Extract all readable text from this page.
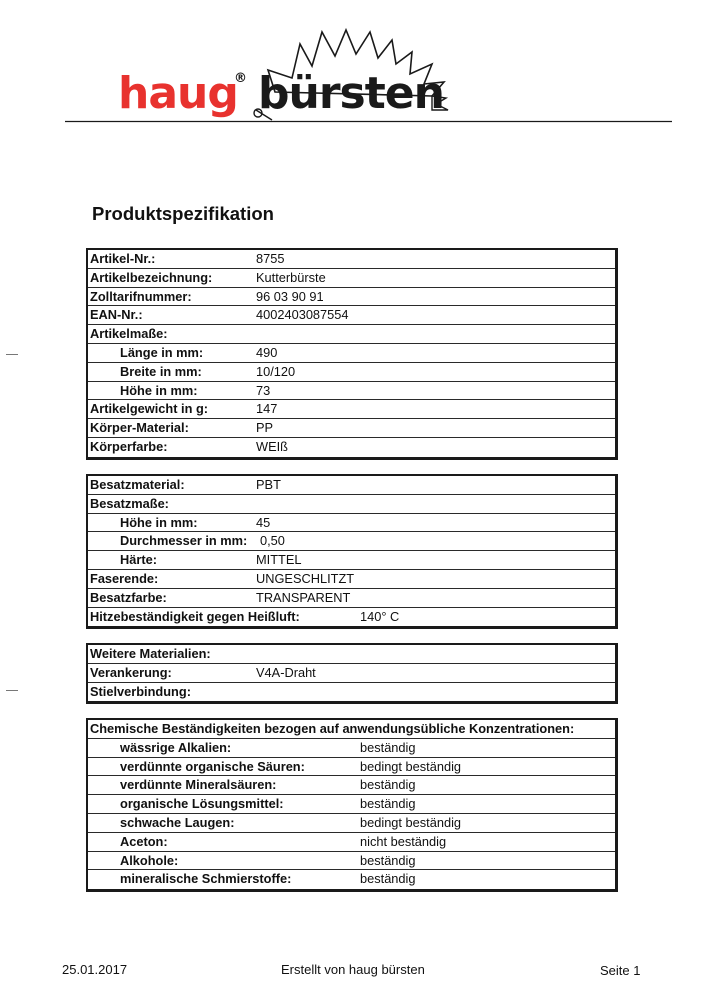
haug
® bürsten
Produktspezifikation
Artikel-Nr.:	8755
Artikelbezeichnung:	Kutterbürste
Zolltarifnummer:	96 03 90 91
EAN-Nr.:	4002403087554
Artikelmaße:
Länge in mm:	490
Breite in mm:	10/120
Höhe in mm:	73
Artikelgewicht in g:	147
Körper-Material:	PP
Körperfarbe:	WEIß
Besatzmaterial:	PBT
Besatzmaße:
Höhe in mm:	45
Durchmesser in mm: 0,50
Härte:	MITTEL
Faserende:	UNGESCHLITZT
Besatzfarbe:	TRANSPARENT
Hitzebeständigkeit gegen Heißluft:	140° C
Weitere Materialien:
Verankerung:	V4A-Draht
Stielverbindung:
Chemische Beständigkeiten bezogen auf anwendungsübliche Konzentrationen:
wässrige Alkalien:	beständig
verdünnte organische Säuren:	bedingt beständig
verdünnte Mineralsäuren:	beständig
organische Lösungsmittel:	beständig
schwache Laugen:	bedingt beständig
Aceton:	nicht beständig
Alkohole:	beständig
mineralische Schmierstoffe:	beständig
25.01.2017	Erstellt von haug bürsten	Seite 1
